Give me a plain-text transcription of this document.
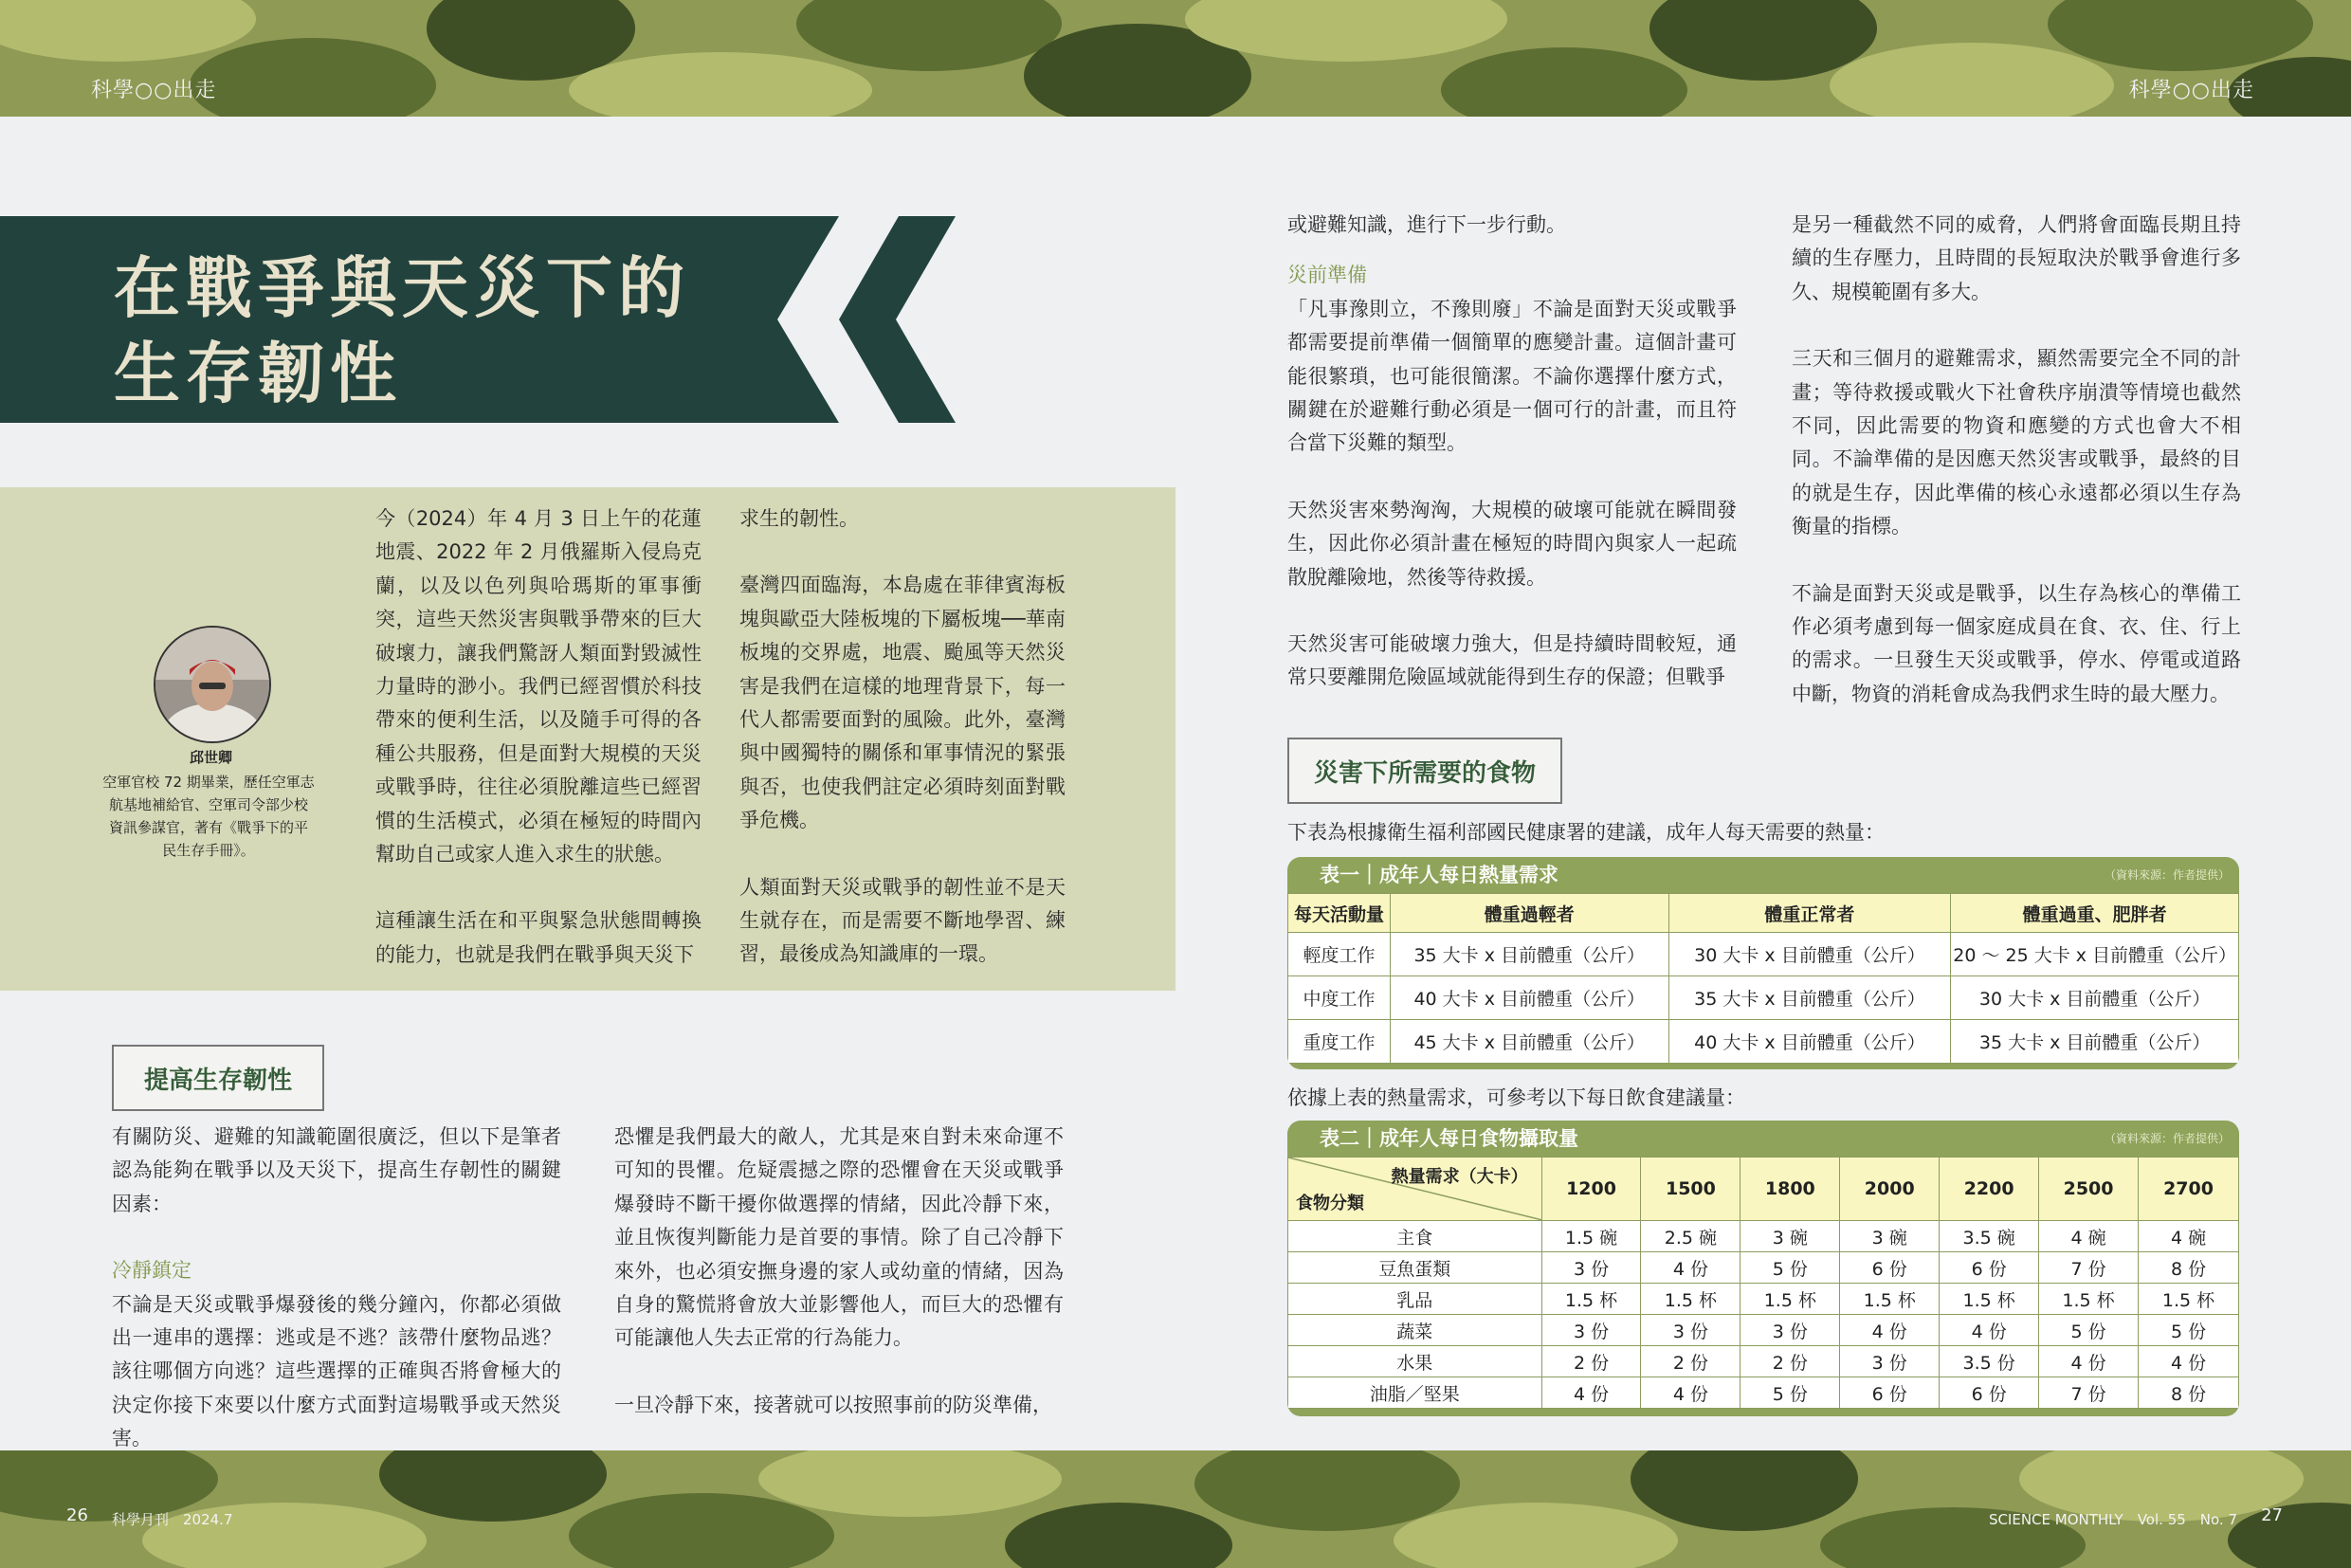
科學○○出走	科學○○出走
在戰爭與天災下的
生存韌性
邱世卿
空軍官校 72 期畢業，歷任空軍志航基地補給官、空軍司令部少校資訊參謀官，著有《戰爭下的平民生存手冊》。

今（2024）年 4 月 3 日上午的花蓮地震、2022 年 2 月俄羅斯入侵烏克蘭，以及以色列與哈瑪斯的軍事衝突，這些天然災害與戰爭帶來的巨大破壞力，讓我們驚訝人類面對毀滅性力量時的渺小。我們已經習慣於科技帶來的便利生活，以及隨手可得的各種公共服務，但是面對大規模的天災或戰爭時，往往必須脫離這些已經習慣的生活模式，必須在極短的時間內幫助自己或家人進入求生的狀態。

這種讓生活在和平與緊急狀態間轉換的能力，也就是我們在戰爭與天災下

求生的韌性。

臺灣四面臨海，本島處在菲律賓海板塊與歐亞大陸板塊的下屬板塊──華南板塊的交界處，地震、颱風等天然災害是我們在這樣的地理背景下，每一代人都需要面對的風險。此外，臺灣與中國獨特的關係和軍事情況的緊張與否，也使我們註定必須時刻面對戰爭危機。

人類面對天災或戰爭的韌性並不是天生就存在，而是需要不斷地學習、練習，最後成為知識庫的一環。

提高生存韌性

有關防災、避難的知識範圍很廣泛，但以下是筆者認為能夠在戰爭以及天災下，提高生存韌性的關鍵因素：

冷靜鎮定

不論是天災或戰爭爆發後的幾分鐘內，你都必須做出一連串的選擇：逃或是不逃？該帶什麼物品逃？該往哪個方向逃？這些選擇的正確與否將會極大的決定你接下來要以什麼方式面對這場戰爭或天然災害。

恐懼是我們最大的敵人，尤其是來自對未來命運不可知的畏懼。危疑震撼之際的恐懼會在天災或戰爭爆發時不斷干擾你做選擇的情緒，因此冷靜下來，並且恢復判斷能力是首要的事情。除了自己冷靜下來外，也必須安撫身邊的家人或幼童的情緒，因為自身的驚慌將會放大並影響他人，而巨大的恐懼有可能讓他人失去正常的行為能力。

一旦冷靜下來，接著就可以按照事前的防災準備，

或避難知識，進行下一步行動。

災前準備

「凡事豫則立，不豫則廢」不論是面對天災或戰爭都需要提前準備一個簡單的應變計畫。這個計畫可能很繁瑣，也可能很簡潔。不論你選擇什麼方式，關鍵在於避難行動必須是一個可行的計畫，而且符合當下災難的類型。

天然災害來勢洶洶，大規模的破壞可能就在瞬間發生，因此你必須計畫在極短的時間內與家人一起疏散脫離險地，然後等待救援。

天然災害可能破壞力強大，但是持續時間較短，通常只要離開危險區域就能得到生存的保證；但戰爭

是另一種截然不同的威脅，人們將會面臨長期且持續的生存壓力，且時間的長短取決於戰爭會進行多久、規模範圍有多大。

三天和三個月的避難需求，顯然需要完全不同的計畫；等待救援或戰火下社會秩序崩潰等情境也截然不同，因此需要的物資和應變的方式也會大不相同。不論準備的是因應天然災害或戰爭，最終的目的就是生存，因此準備的核心永遠都必須以生存為衡量的指標。

不論是面對天災或是戰爭，以生存為核心的準備工作必須考慮到每一個家庭成員在食、衣、住、行上的需求。一旦發生天災或戰爭，停水、停電或道路中斷，物資的消耗會成為我們求生時的最大壓力。

災害下所需要的食物
下表為根據衛生福利部國民健康署的建議，成年人每天需要的熱量：
表一｜成年人每日熱量需求	（資料來源：作者提供）
每天活動量	體重過輕者	體重正常者	體重過重、肥胖者
輕度工作	35 大卡 x 目前體重（公斤）	30 大卡 x 目前體重（公斤）	20 ～ 25 大卡 x 目前體重（公斤）
中度工作	40 大卡 x 目前體重（公斤）	35 大卡 x 目前體重（公斤）	30 大卡 x 目前體重（公斤）
重度工作	45 大卡 x 目前體重（公斤）	40 大卡 x 目前體重（公斤）	35 大卡 x 目前體重（公斤）
依據上表的熱量需求，可參考以下每日飲食建議量：
表二｜成年人每日食物攝取量	（資料來源：作者提供）
熱量需求（大卡）
食物分類	1200	1500	1800	2000	2200	2500	2700
主食	1.5 碗	2.5 碗	3 碗	3 碗	3.5 碗	4 碗	4 碗
豆魚蛋類	3 份	4 份	5 份	6 份	6 份	7 份	8 份
乳品	1.5 杯	1.5 杯	1.5 杯	1.5 杯	1.5 杯	1.5 杯	1.5 杯
蔬菜	3 份	3 份	3 份	4 份	4 份	5 份	5 份
水果	2 份	2 份	2 份	3 份	3.5 份	4 份	4 份
油脂／堅果	4 份	4 份	5 份	6 份	6 份	7 份	8 份
26 科學月刊　2024.7	SCIENCE MONTHLY　Vol. 55　No. 7 27
